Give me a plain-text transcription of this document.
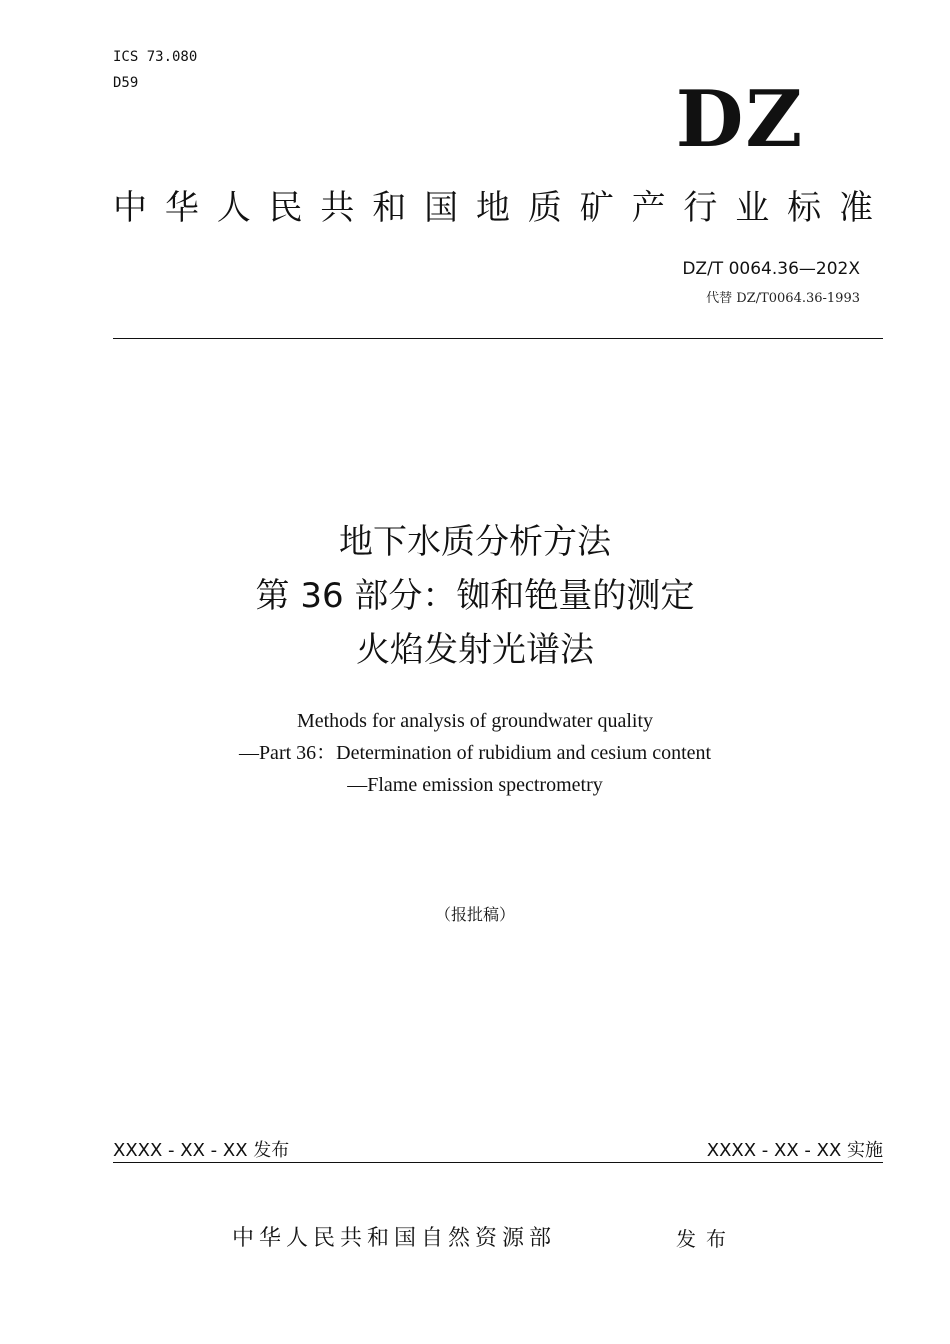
ICS 73.080
D59	DZ
中华人民共和国地质矿产行业标准
DZ/T 0064.36—202X
代替 DZ/T0064.36-1993
地下水质分析方法
第 36 部分：铷和铯量的测定
火焰发射光谱法
Methods for analysis of groundwater quality
—Part 36：Determination of rubidium and cesium content
—Flame emission spectrometry
（报批稿）
XXXX - XX - XX 发布	XXXX - XX - XX 实施
中华人民共和国自然资源部	发布
